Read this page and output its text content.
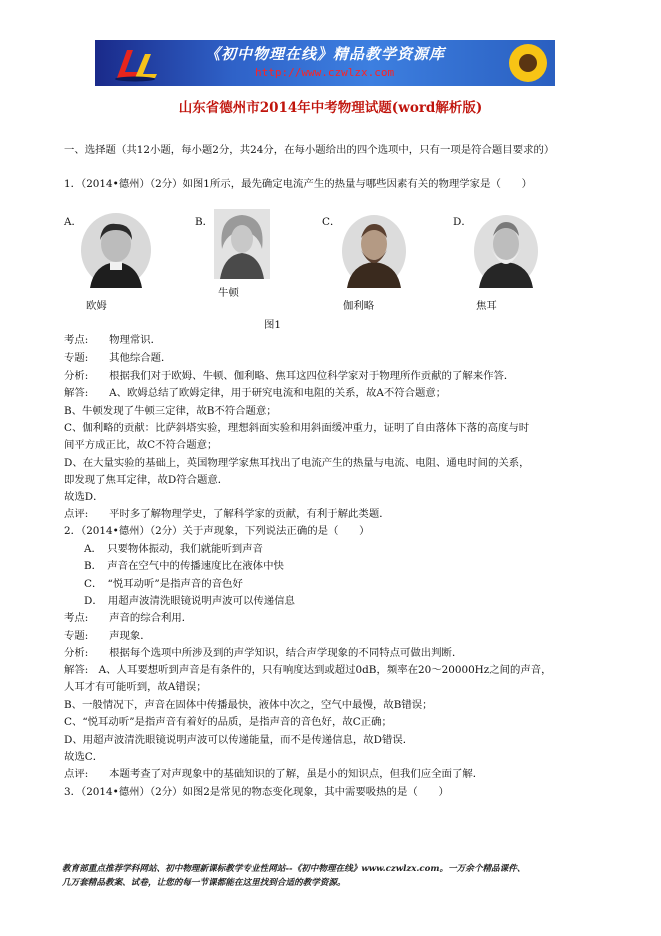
《初中物理在线》精品教学资源库
http://www.czwlzx.com
山东省德州市2014年中考物理试题(word解析版)
一、选择题（共12小题，每小题2分，共24分，在每小题给出的四个选项中，只有一项是符合题目要求的）
1．（2014•德州）（2分）如图1所示，最先确定电流产生的热量与哪些因素有关的物理学家是（　　）
A．	B．	C．	D．
欧姆
牛顿
伽利略	焦耳
图1
考点:　　物理常识．
专题:　　其他综合题．
分析:　　根据我们对于欧姆、牛顿、伽利略、焦耳这四位科学家对于物理所作贡献的了解来作答．
解答:　　A、欧姆总结了欧姆定律，用于研究电流和电阻的关系，故A不符合题意；
B、牛顿发现了牛顿三定律，故B不符合题意；
C、伽利略的贡献：比萨斜塔实验，理想斜面实验和用斜面缓冲重力，证明了自由落体下落的高度与时
间平方成正比，故C不符合题意；
D、在大量实验的基础上，英国物理学家焦耳找出了电流产生的热量与电流、电阻、通电时间的关系，
即发现了焦耳定律，故D符合题意．
故选D．
点评:　　平时多了解物理学史，了解科学家的贡献，有利于解此类题．
2．（2014•德州）（2分）关于声现象，下列说法正确的是（　　）
A．　只要物体振动，我们就能听到声音
B．　声音在空气中的传播速度比在液体中快
C．　“悦耳动听”是指声音的音色好
D．　用超声波清洗眼镜说明声波可以传递信息
考点:　　声音的综合利用．
专题:　　声现象．
分析:　　根据每个选项中所涉及到的声学知识，结合声学现象的不同特点可做出判断．
解答:　A、人耳要想听到声音是有条件的，只有响度达到或超过0dB，频率在20～20000Hz之间的声音，
人耳才有可能听到，故A错误；
B、一般情况下，声音在固体中传播最快，液体中次之，空气中最慢，故B错误；
C、“悦耳动听”是指声音有着好的品质，是指声音的音色好，故C正确；
D、用超声波清洗眼镜说明声波可以传递能量，而不是传递信息，故D错误．
故选C．
点评:　　本题考查了对声现象中的基础知识的了解，虽是小的知识点，但我们应全面了解．
3．（2014•德州）（2分）如图2是常见的物态变化现象，其中需要吸热的是（　　）
教育部重点推荐学科网站、初中物理新课标教学专业性网站--《初中物理在线》www.czwlzx.com。一万余个精品课件、
几万套精品教案、试卷，让您的每一节课都能在这里找到合适的教学资源。
